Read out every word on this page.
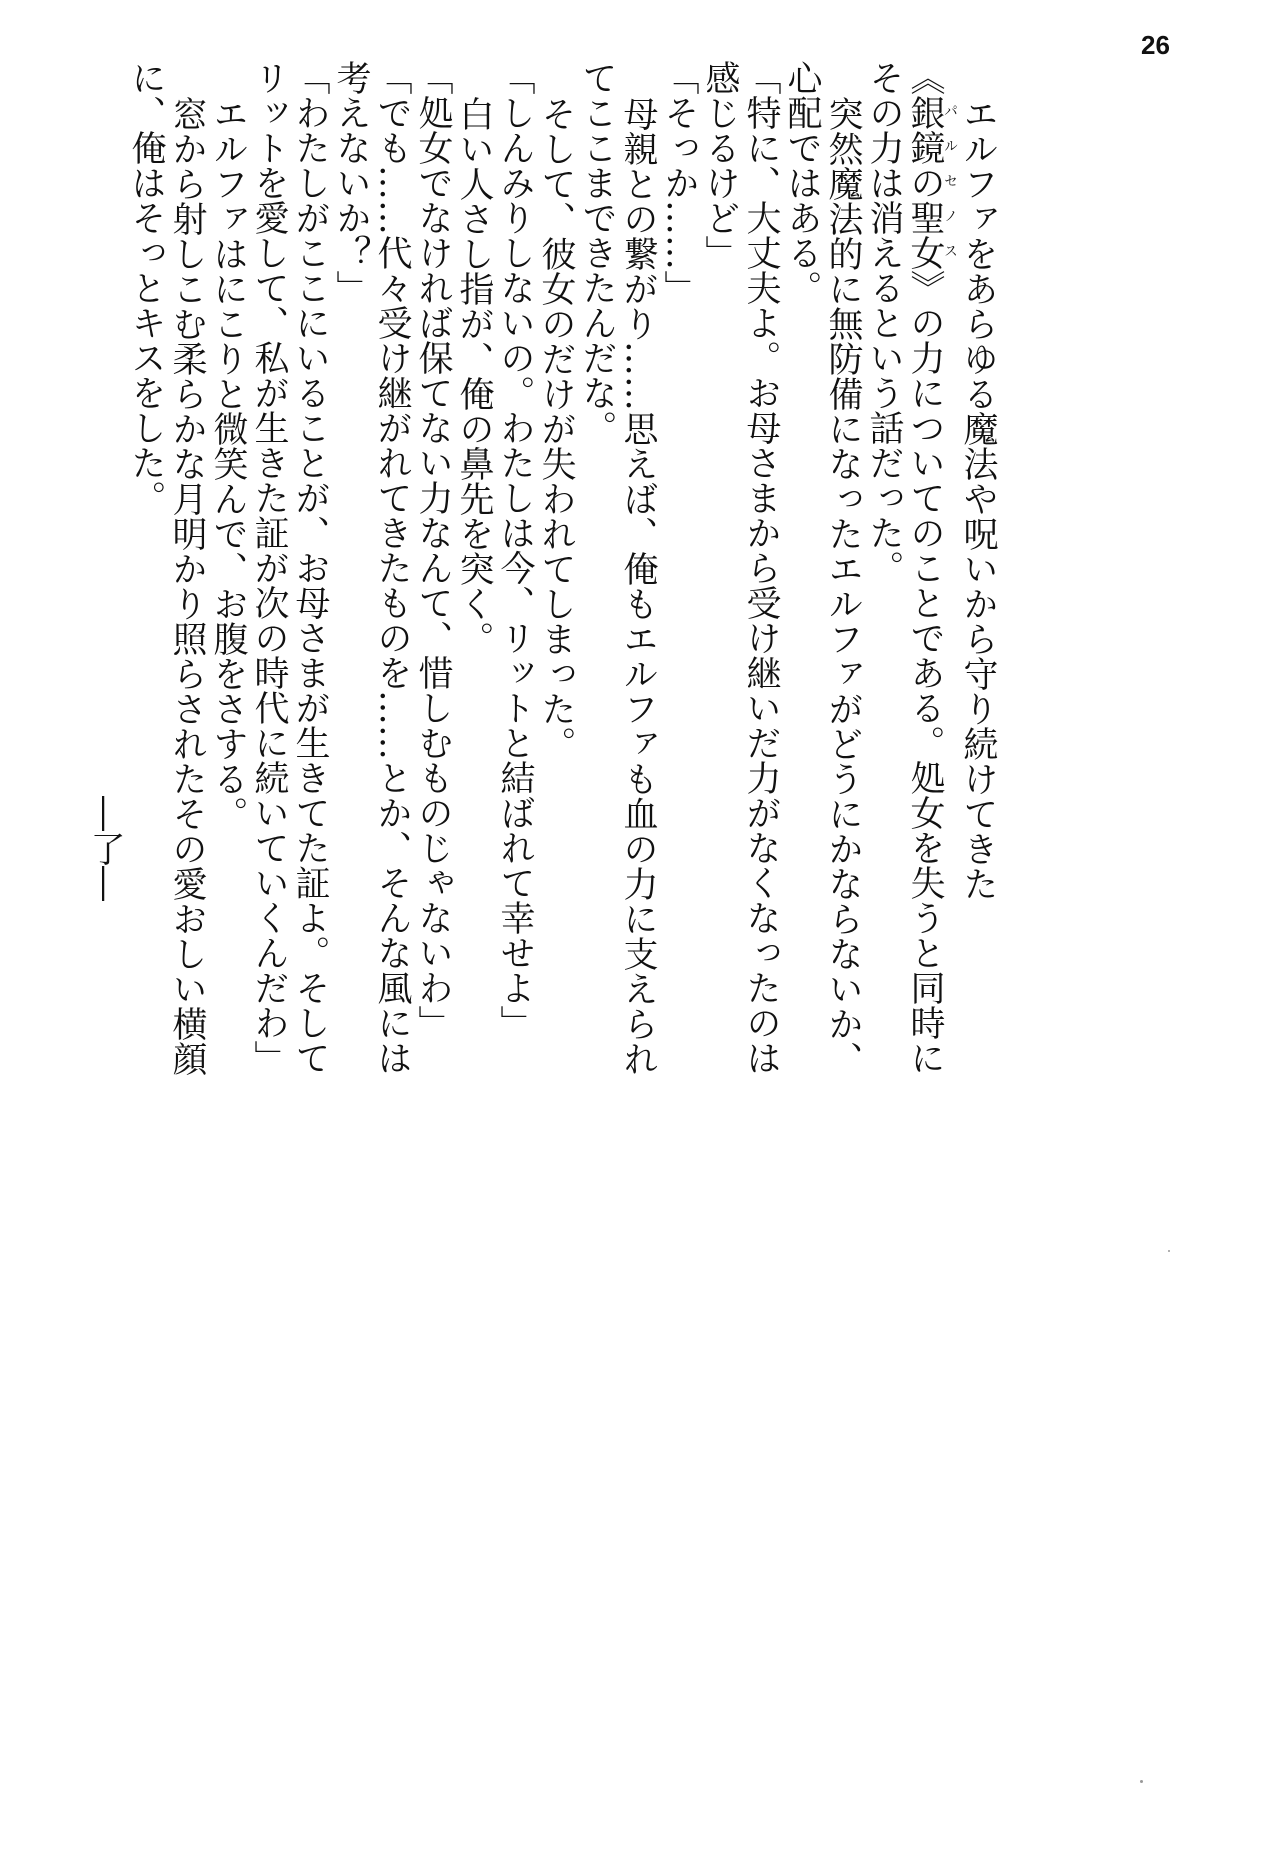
26
エルファをあらゆる魔法や呪いから守り続けてきた
《銀鏡の聖女パルセノス》の力についてのことである。処女を失うと同時に
その力は消えるという話だった。
突然魔法的に無防備になったエルファがどうにかならないか、
心配ではある。
「特に、大丈夫よ。お母さまから受け継いだ力がなくなったのは
感じるけど」
「そっか……」
母親との繋がり……思えば、俺もエルファも血の力に支えられ
てここまできたんだな。
そして、彼女のだけが失われてしまった。
「しんみりしないの。わたしは今、リットと結ばれて幸せよ」
白い人さし指が、俺の鼻先を突く。
「処女でなければ保てない力なんて、惜しむものじゃないわ」
「でも……代々受け継がれてきたものを……とか、そんな風には
考えないか？」
「わたしがここにいることが、お母さまが生きてた証よ。そして
リットを愛して、私が生きた証が次の時代に続いていくんだわ」
エルファはにこりと微笑んで、お腹をさする。
窓から射しこむ柔らかな月明かり照らされたその愛おしい横顔
に、俺はそっとキスをした。
―了―
